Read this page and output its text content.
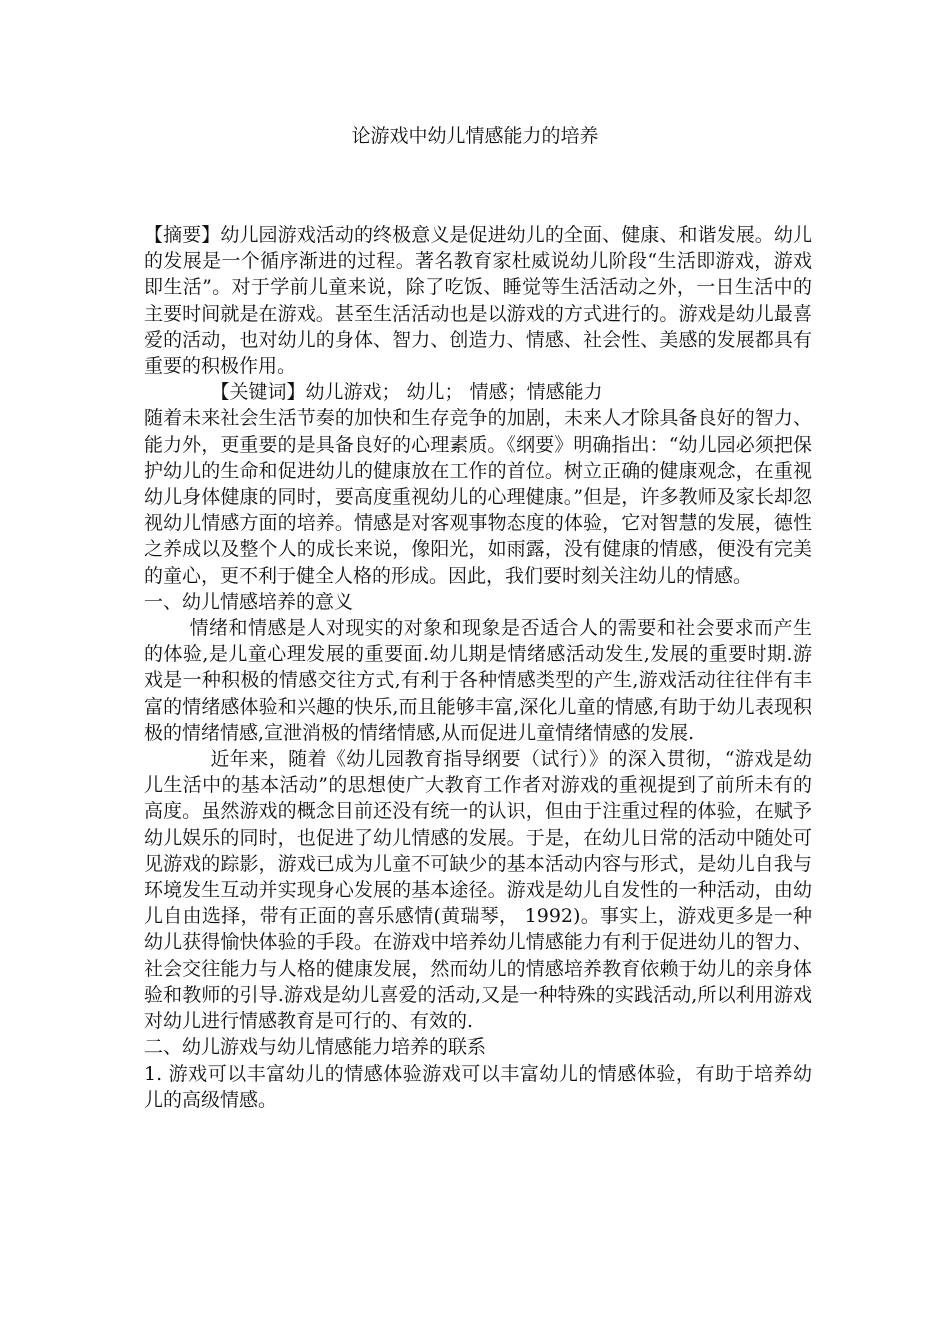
论游戏中幼儿情感能力的培养

【摘要】幼儿园游戏活动的终极意义是促进幼儿的全面、健康、和谐发展。幼儿的发展是一个循序渐进的过程。著名教育家杜威说幼儿阶段“生活即游戏，游戏即生活”。对于学前儿童来说，除了吃饭、睡觉等生活活动之外，一日生活中的主要时间就是在游戏。甚至生活活动也是以游戏的方式进行的。游戏是幼儿最喜爱的活动，也对幼儿的身体、智力、创造力、情感、社会性、美感的发展都具有重要的积极作用。

【关键词】幼儿游戏； 幼儿； 情感；情感能力

随着未来社会生活节奏的加快和生存竞争的加剧，未来人才除具备良好的智力、能力外，更重要的是具备良好的心理素质。《纲要》明确指出：“幼儿园必须把保护幼儿的生命和促进幼儿的健康放在工作的首位。树立正确的健康观念，在重视幼儿身体健康的同时，要高度重视幼儿的心理健康。”但是，许多教师及家长却忽视幼儿情感方面的培养。情感是对客观事物态度的体验，它对智慧的发展，德性之养成以及整个人的成长来说，像阳光，如雨露，没有健康的情感，便没有完美的童心，更不利于健全人格的形成。因此，我们要时刻关注幼儿的情感。

一、幼儿情感培养的意义

情绪和情感是人对现实的对象和现象是否适合人的需要和社会要求而产生的体验,是儿童心理发展的重要面.幼儿期是情绪感活动发生,发展的重要时期.游戏是一种积极的情感交往方式,有利于各种情感类型的产生,游戏活动往往伴有丰富的情绪感体验和兴趣的快乐,而且能够丰富,深化儿童的情感,有助于幼儿表现积极的情绪情感,宣泄消极的情绪情感,从而促进儿童情绪情感的发展.

近年来，随着《幼儿园教育指导纲要（试行）》的深入贯彻，“游戏是幼儿生活中的基本活动”的思想使广大教育工作者对游戏的重视提到了前所未有的高度。虽然游戏的概念目前还没有统一的认识，但由于注重过程的体验，在赋予幼儿娱乐的同时，也促进了幼儿情感的发展。于是，在幼儿日常的活动中随处可见游戏的踪影，游戏已成为儿童不可缺少的基本活动内容与形式，是幼儿自我与环境发生互动并实现身心发展的基本途径。游戏是幼儿自发性的一种活动，由幼儿自由选择，带有正面的喜乐感情(黄瑞琴， 1992)。事实上，游戏更多是一种幼儿获得愉快体验的手段。在游戏中培养幼儿情感能力有利于促进幼儿的智力、社会交往能力与人格的健康发展，然而幼儿的情感培养教育依赖于幼儿的亲身体验和教师的引导.游戏是幼儿喜爱的活动,又是一种特殊的实践活动,所以利用游戏对幼儿进行情感教育是可行的、有效的.

二、幼儿游戏与幼儿情感能力培养的联系

1. 游戏可以丰富幼儿的情感体验游戏可以丰富幼儿的情感体验，有助于培养幼儿的高级情感。
